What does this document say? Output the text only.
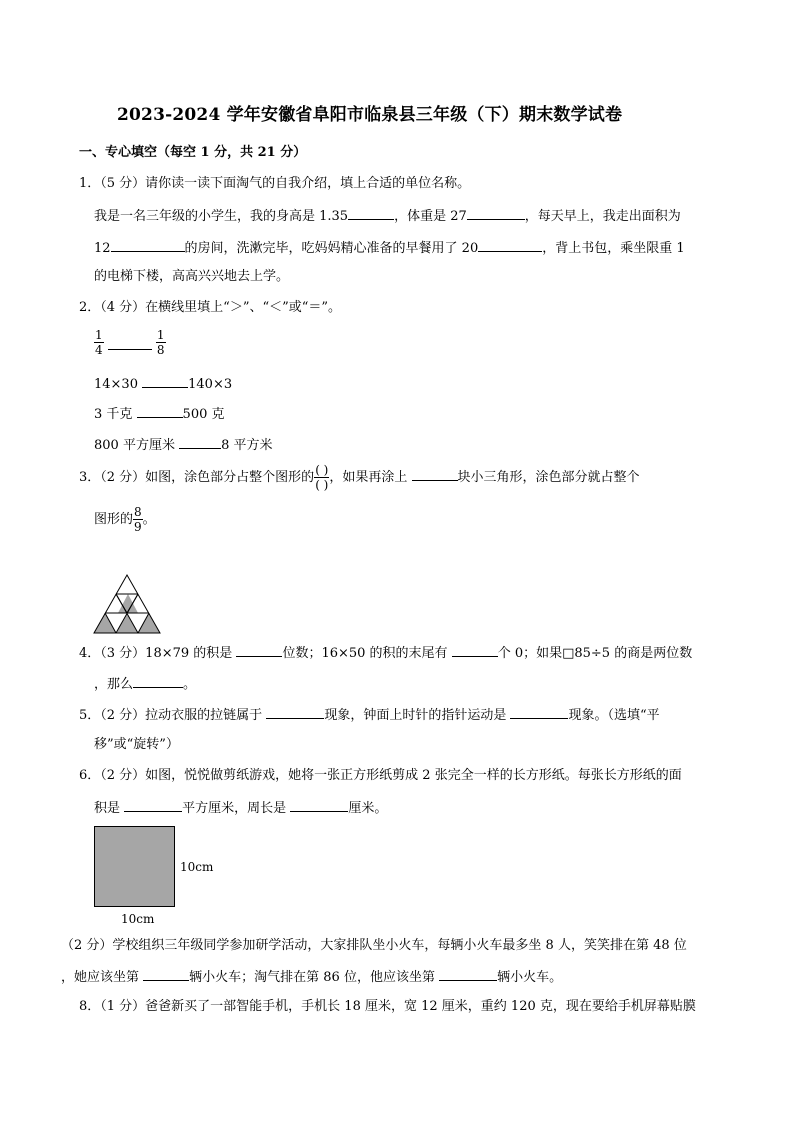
2023-2024 学年安徽省阜阳市临泉县三年级（下）期末数学试卷
一、专心填空（每空 1 分，共 21 分）
1．（5 分）请你读一读下面淘气的自我介绍，填上合适的单位名称。
我是一名三年级的小学生，我的身高是 1.35	，体重是 27	，每天早上，我走出面积为
12	的房间，洗漱完毕，吃妈妈精心准备的早餐用了 20	，背上书包，乘坐限重 1
的电梯下楼，高高兴兴地去上学。
2．（4 分）在横线里填上“＞”、“＜”或“＝”。
$\frac{1}{4}$
	$\frac{1}{8}$
14×30	140×3
3 千克	500 克
800 平方厘米	8 平方米
3．（2 分）如图，涂色部分占整个图形的 $\frac{( )}{( )}$ ，如果再涂上	块小三角形，涂色部分就占整个
图形的 $\frac{8}{9}$ 。
4．（3 分）18×79 的积是	位数；16×50 的积的末尾有	个 0；如果□85÷5 的商是两位数
，那么	。
5．（2 分）拉动衣服的拉链属于	现象，钟面上时针的指针运动是	现象。（选填“平
移”或“旋转”）
6．（2 分）如图，悦悦做剪纸游戏，她将一张正方形纸剪成 2 张完全一样的长方形纸。每张长方形纸的面
积是	平方厘米，周长是	厘米。
10cm
10cm
（2 分）学校组织三年级同学参加研学活动，大家排队坐小火车，每辆小火车最多坐 8 人，笑笑排在第 48 位
，她应该坐第	辆小火车；淘气排在第 86 位，他应该坐第	辆小火车。
8．（1 分）爸爸新买了一部智能手机，手机长 18 厘米，宽 12 厘米，重约 120 克，现在要给手机屏幕贴膜
